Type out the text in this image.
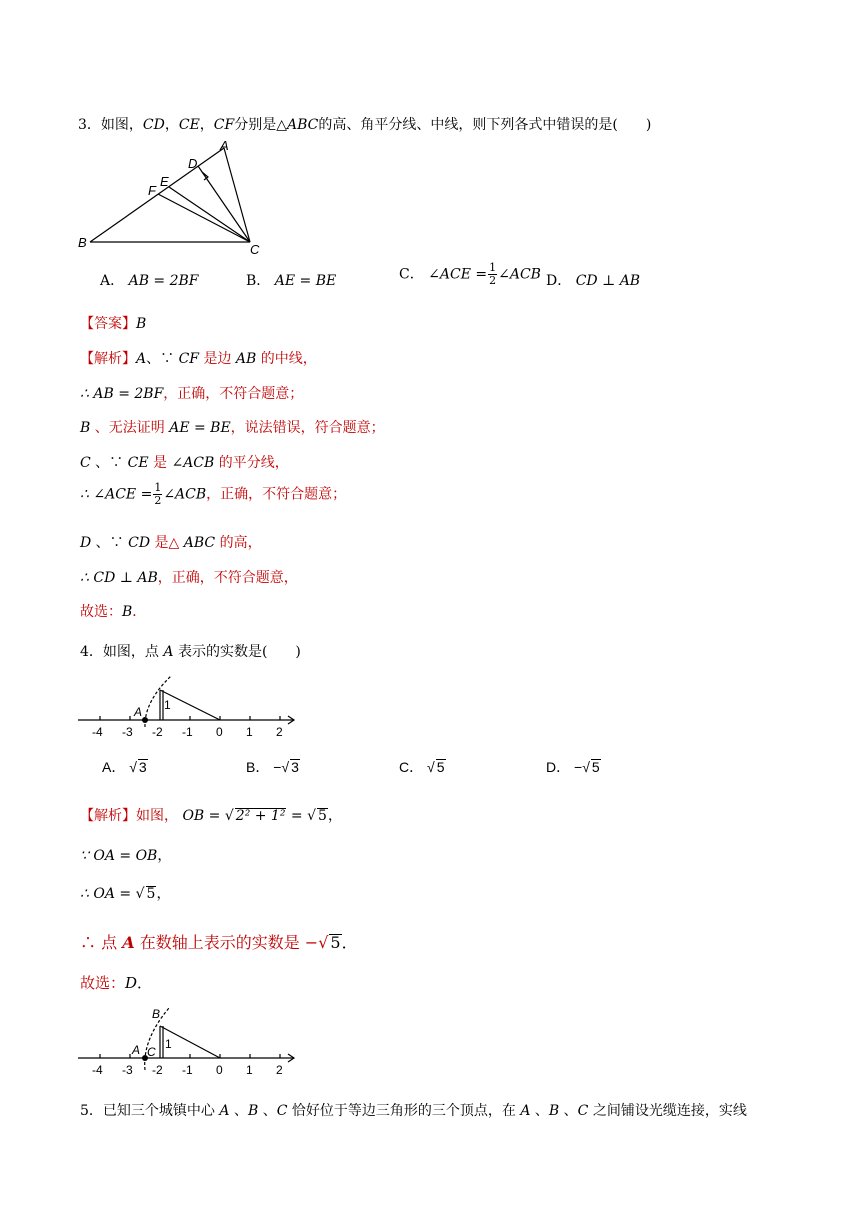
3．如图，CD，CE，CF分别是△ABC的高、角平分线、中线，则下列各式中错误的是(　　)
A
D
F
E
B	C
A． AB = 2BF	B． AE = BE	C． ∠ACE = $\frac{1}{2}$ ∠ACB D． CD ⊥ AB
【答案】B
【解析】A、∵ CF 是边 AB 的中线，
∴ AB = 2BF，正确，不符合题意；
B 、无法证明 AE = BE，说法错误，符合题意；
C 、∵ CE 是 ∠ACB 的平分线，
∴ ∠ACE = $\frac{1}{2}$ ∠ACB，正确，不符合题意；
D 、∵ CD 是△ ABC 的高，
∴ CD ⊥ AB，正确，不符合题意，
故选：B．
4．如图，点 A 表示的实数是(　　)
-4 -3 -2 -1 0 1 2
A 1
A． √ 3	B． −√ 3	C． √ 5	D． −√ 5
【解析】如图， OB = √ 2² + 1² = √ 5，
∵ OA = OB，
∴ OA = √ 5，
∴ 点 A 在数轴上表示的实数是 −√ 5．
故选：D．
-4 -3 -2 -1 0 1 2
B
A C
1
5．已知三个城镇中心 A 、B 、C 恰好位于等边三角形的三个顶点，在 A 、B 、C 之间铺设光缆连接，实线
